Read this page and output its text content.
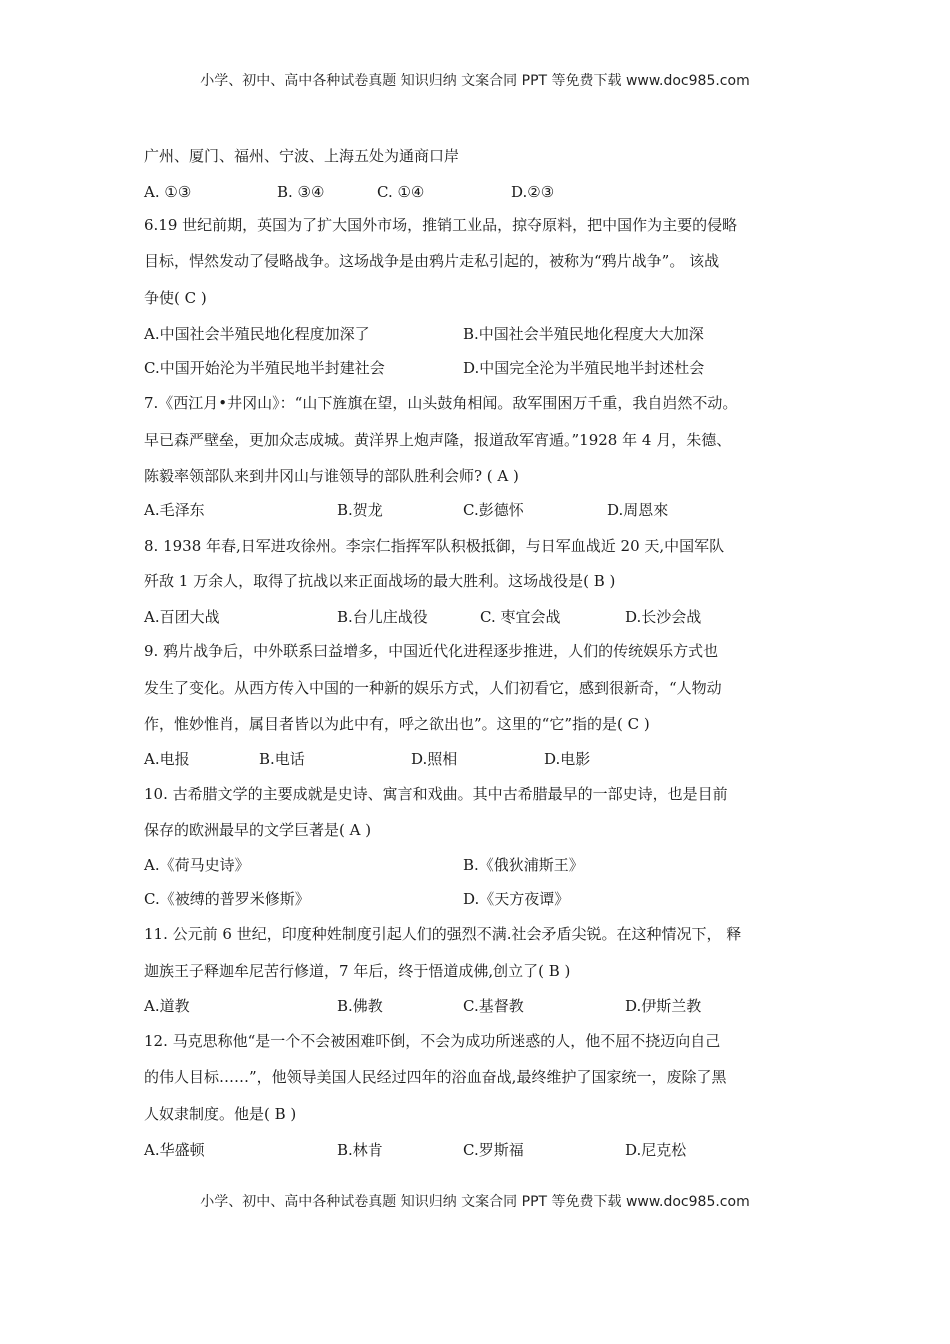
小学、初中、高中各种试卷真题 知识归纳 文案合同 PPT 等免费下载 www.doc985.com
广州、厦门、福州、宁波、上海五处为通商口岸
A. ①③	B. ③④	C. ①④	D.②③
6.19 世纪前期，英国为了扩大国外市场，推销工业品，掠夺原料，把中国作为主要的侵略
目标，悍然发动了侵略战争。这场战争是由鸦片走私引起的，被称为“鸦片战争”。 该战
争使( C )
A.中国社会半殖民地化程度加深了	B.中国社会半殖民地化程度大大加深
C.中国开始沦为半殖民地半封建社会	D.中国完全沦为半殖民地半封述杜会
7.《西江月•井冈山》：“山下旌旗在望，山头鼓角相闻。敌军围困万千重，我自岿然不动。
早已森严壁垒，更加众志成城。黄洋界上炮声隆，报道敌军宵遁。”1928 年 4 月，朱德、
陈毅率领部队来到井冈山与谁领导的部队胜利会师? ( A )
A.毛泽东	B.贺龙	C.彭德怀	D.周恩來
8. 1938 年春,日军进攻徐州。李宗仁指挥军队积极抵御，与日军血战近 20 天,中国军队
歼敌 1 万余人，取得了抗战以来正面战场的最大胜利。这场战役是( B )
A.百团大战	B.台儿庄战役	C. 枣宜会战	D.长沙会战
9. 鸦片战争后，中外联系曰益增多，中国近代化进程逐步推进，人们的传统娱乐方式也
发生了变化。从西方传入中国的一种新的娱乐方式，人们初看它，感到很新奇，“人物动
作，惟妙惟肖，属目者皆以为此中有，呼之欲出也”。这里的“它”指的是( C )
A.电报	B.电话	D.照相	D.电影
10. 古希腊文学的主要成就是史诗、寓言和戏曲。其中古希腊最早的一部史诗，也是目前
保存的欧洲最早的文学巨著是( A )
A.《荷马史诗》	B.《俄狄浦斯王》
C.《被缚的普罗米修斯》	D.《天方夜谭》
11. 公元前 6 世纪，印度种姓制度引起人们的强烈不满.社会矛盾尖锐。在这种情况下， 释
迦族王子释迦牟尼苦行修道，7 年后，终于悟道成佛,创立了( B )
A.道教	B.佛教	C.基督教	D.伊斯兰教
12. 马克思称他“是一个不会被困难吓倒，不会为成功所迷惑的人，他不屈不挠迈向自己
的伟人目标……”，他领导美国人民经过四年的浴血奋战,最终维护了国家统一，废除了黑
人奴隶制度。他是( B )
A.华盛顿	B.林肯	C.罗斯福	D.尼克松
小学、初中、高中各种试卷真题 知识归纳 文案合同 PPT 等免费下载 www.doc985.com
